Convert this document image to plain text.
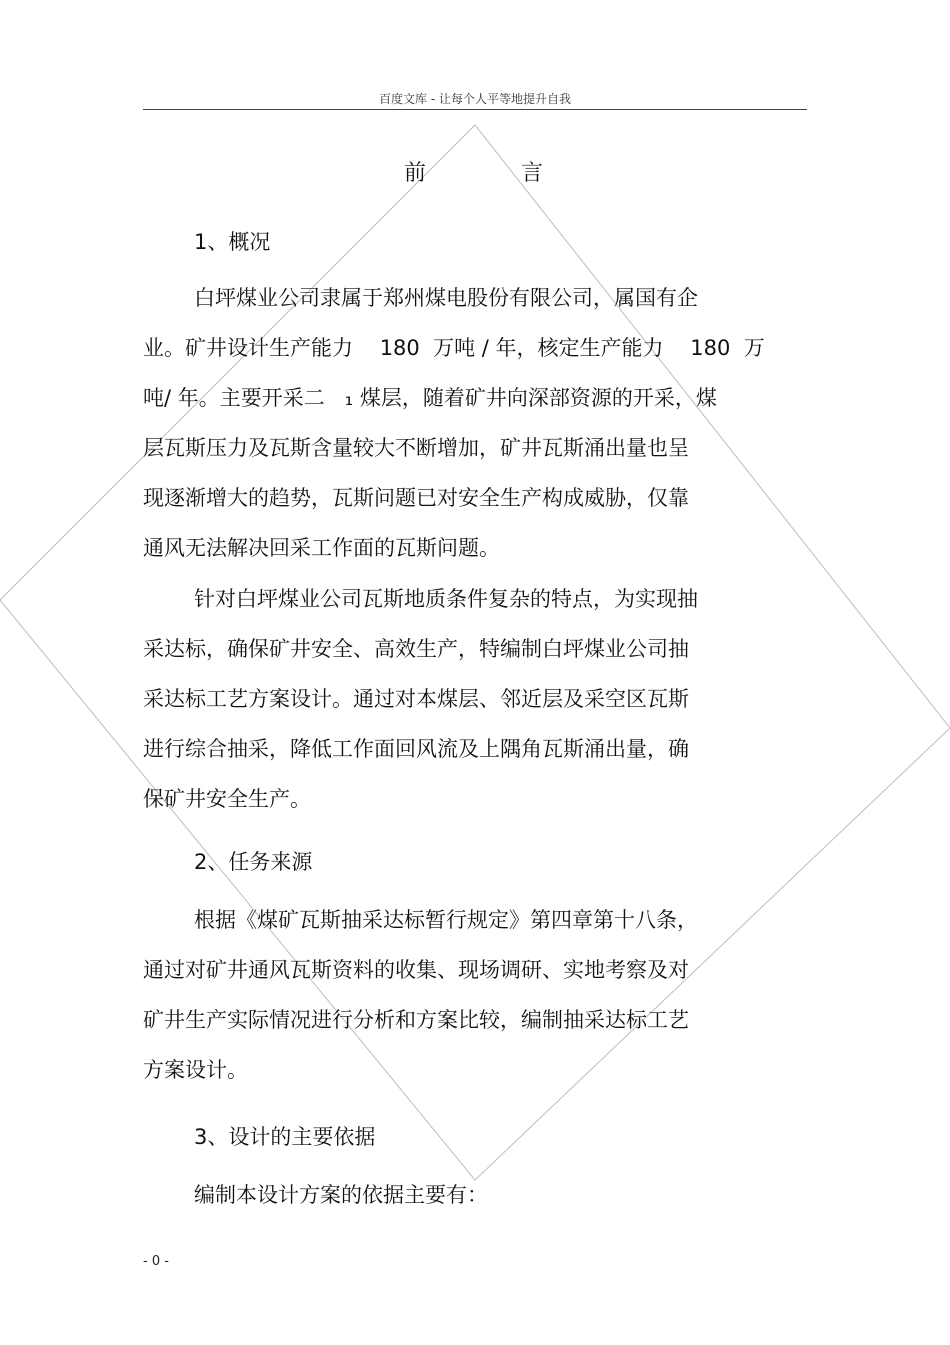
百度文库 - 让每个人平等地提升自我
前	言
1、概况
白坪煤业公司隶属于郑州煤电股份有限公司，属国有企
业。矿井设计生产能力    180  万吨 / 年，核定生产能力    180  万
吨/ 年。主要开采二   ₁ 煤层，随着矿井向深部资源的开采，煤
层瓦斯压力及瓦斯含量较大不断增加，矿井瓦斯涌出量也呈
现逐渐增大的趋势，瓦斯问题已对安全生产构成威胁，仅靠
通风无法解决回采工作面的瓦斯问题。
针对白坪煤业公司瓦斯地质条件复杂的特点，为实现抽
采达标，确保矿井安全、高效生产，特编制白坪煤业公司抽
采达标工艺方案设计。通过对本煤层、邻近层及采空区瓦斯
进行综合抽采，降低工作面回风流及上隅角瓦斯涌出量，确
保矿井安全生产。
2、任务来源
根据《煤矿瓦斯抽采达标暂行规定》第四章第十八条，
通过对矿井通风瓦斯资料的收集、现场调研、实地考察及对
矿井生产实际情况进行分析和方案比较，编制抽采达标工艺
方案设计。
3、设计的主要依据
编制本设计方案的依据主要有：
- 0 -
